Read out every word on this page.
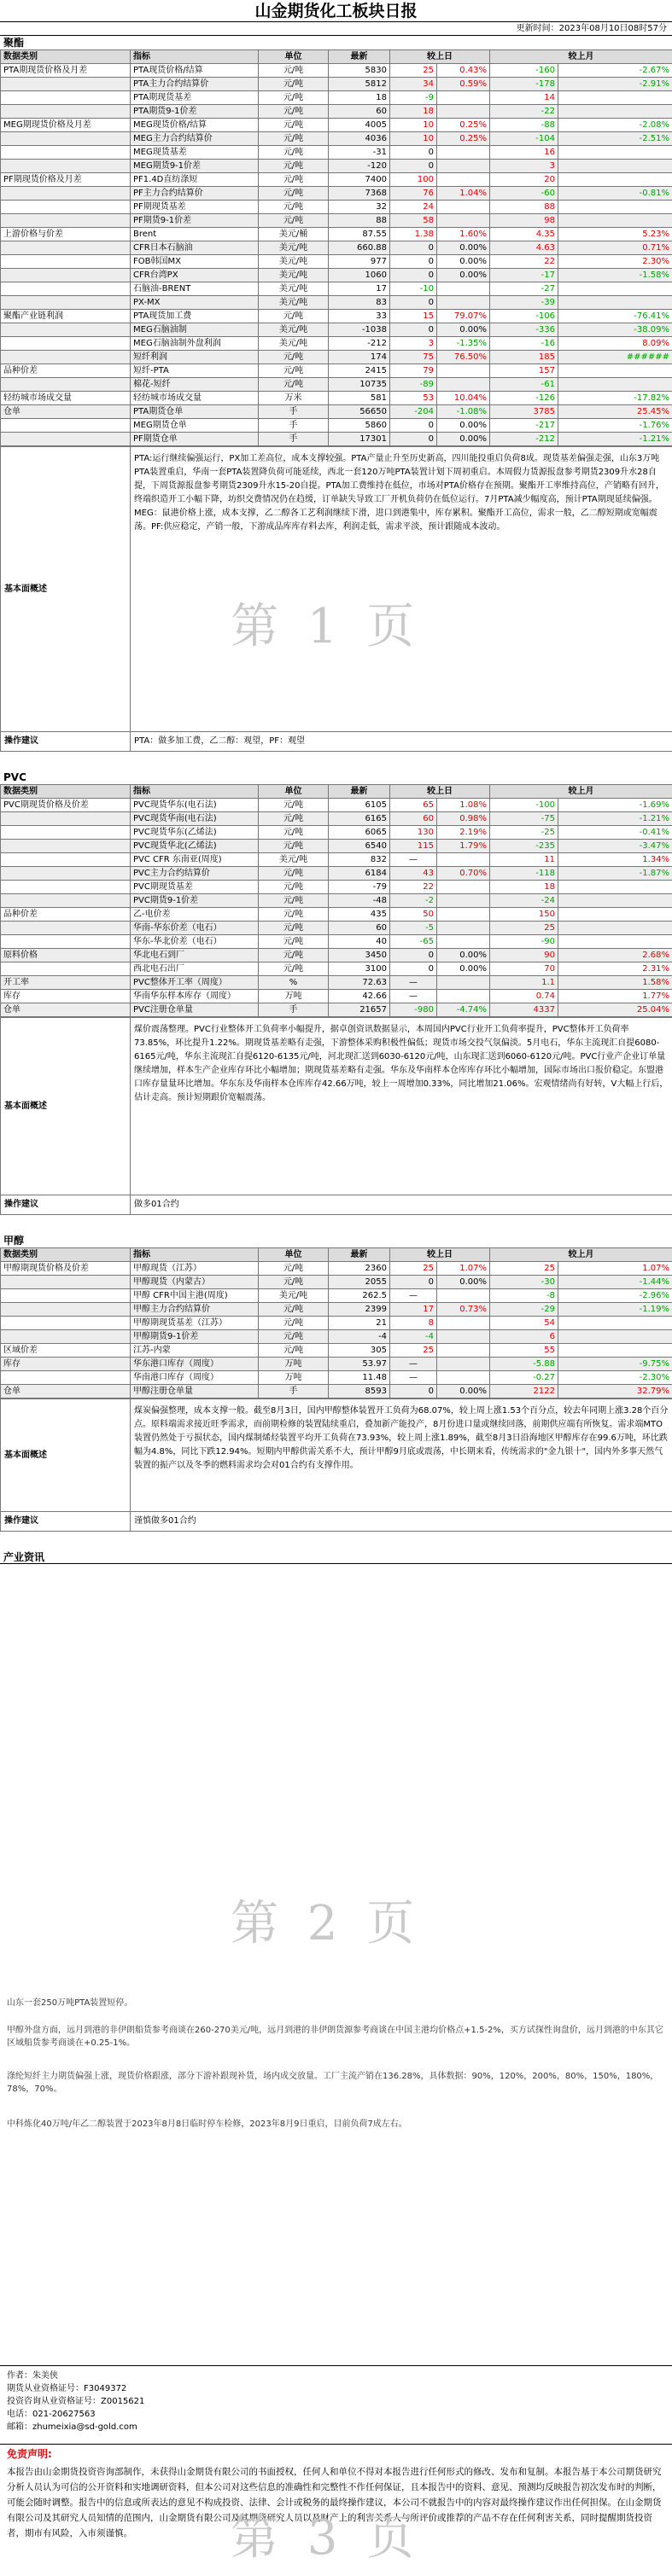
山金期货化工板块日报
更新时间：2023年08月10日08时57分
聚酯
数据类别	指标	单位	最新	较上日		较上月	
PTA期现货价格及月差	PTA现货价格/结算	元/吨	5830	25	0.43%	-160	-2.67%
	PTA主力合约结算价	元/吨	5812	34	0.59%	-178	-2.91%
	PTA期现货基差	元/吨	18	-9		14	
	PTA期货9-1价差	元/吨	60	18		-22	
MEG期现货价格及月差	MEG现货价格/结算	元/吨	4005	10	0.25%	-88	-2.08%
	MEG主力合约结算价	元/吨	4036	10	0.25%	-104	-2.51%
	MEG现货基差	元/吨	-31	0		16	
	MEG期货9-1价差	元/吨	-120	0		3	
PF期现货价格及月差	PF1.4D直纺涤短	元/吨	7400	100		20	
	PF主力合约结算价	元/吨	7368	76	1.04%	-60	-0.81%
	PF期现货基差	元/吨	32	24		88	
	PF期货9-1价差	元/吨	88	58		98	
上游价格与价差	Brent	美元/桶	87.55	1.38	1.60%	4.35	5.23%
	CFR日本石脑油	美元/吨	660.88	0	0.00%	4.63	0.71%
	FOB韩国MX	美元/吨	977	0	0.00%	22	2.30%
	CFR台湾PX	美元/吨	1060	0	0.00%	-17	-1.58%
	石脑油-BRENT	美元/吨	17	-10		-27	
	PX-MX	美元/吨	83	0		-39	
聚酯产业链利润	PTA现货加工费	元/吨	33	15	79.07%	-106	-76.41%
	MEG石脑油制	美元/吨	-1038	0	0.00%	-336	-38.09%
	MEG石脑油制外盘利润	美元/吨	-212	3	-1.35%	-16	8.09%
	短纤利润	元/吨	174	75	76.50%	185	######
品种价差	短纤-PTA	元/吨	2415	79		157	
	棉花-短纤	元/吨	10735	-89		-61	
轻纺城市场成交量	轻纺城市场成交量	万米	581	53	10.04%	-126	-17.82%
仓单	PTA期货仓单	手	56650	-204	-1.08%	3785	25.45%
	MEG期货仓单	手	5860	0	0.00%	-217	-1.76%
	PF期货仓单	手	17301	0	0.00%	-212	-1.21%
基本面概述	PTA:运行继续偏强运行，PX加工差高位，成本支撑较强。PTA产量止升至历史新高，四川能投重启负荷8成。现货基差偏强走强，山东3万吨PTA装置重启，华南一套PTA装置降负荷可能延续，西北一套120万吨PTA装置计划下周初重启。本周假力货源报盘参考期货2309升水28自提，下周货源报盘参考期货2309升水15-20自提。PTA加工费维持在低位，市场对PTA价格存在预期。聚酯开工率维持高位，产销略有回升，终端织造开工小幅下降，坊织交费情况仍在趋缓，订单缺失导致工厂开机负荷仍在低位运行。7月PTA减少幅度高，预计PTA期现延续偏强。MEG：鼠港价格上涨，成本支撑，乙二醇各工艺利润继续下滑，进口到港集中，库存累积。聚酯开工高位，需求一般，乙二醇短期或宽幅震荡。PF:供应稳定，产销一般，下游成品库库存料去库，利润走低，需求平淡，预计跟随成本波动。
操作建议	PTA：做多加工费，乙二醇：观望，PF：观望
PVC
数据类别	指标	单位	最新	较上日		较上月	
PVC期现货价格及价差	PVC现货华东(电石法)	元/吨	6105	65	1.08%	-100	-1.69%
	PVC现货华南(电石法)	元/吨	6165	60	0.98%	-75	-1.21%
	PVC现货华东(乙烯法)	元/吨	6065	130	2.19%	-25	-0.41%
	PVC现货华北(乙烯法)	元/吨	6540	115	1.79%	-235	-3.47%
	PVC CFR 东南亚(周度)	美元/吨	832	—		11	1.34%
	PVC主力合约结算价	元/吨	6184	43	0.70%	-118	-1.87%
	PVC期现货基差	元/吨	-79	22		18	
	PVC期货9-1价差	元/吨	-48	-2		-24	
品种价差	乙-电价差	元/吨	435	50		150	
	华南-华东价差（电石）	元/吨	60	-5		25	
	华东-华北价差（电石）	元/吨	40	-65		-90	
原料价格	华北电石到厂	元/吨	3450	0	0.00%	90	2.68%
	西北电石出厂	元/吨	3100	0	0.00%	70	2.31%
开工率	PVC整体开工率（周度）	%	72.63	—		1.1	1.58%
库存	华南华东样本库存（周度）	万吨	42.66	—		0.74	1.77%
仓单	PVC注册仓单量	手	21657	-980	-4.74%	4337	25.04%
基本面概述	煤价震荡整理。PVC行业整体开工负荷率小幅提升，据卓创资讯数据显示，本周国内PVC行业开工负荷率提升，PVC整体开工负荷率73.85%，环比提升1.22%。期现货基差略有走强，下游整体采购积极性偏低；现货市场交投气氛偏淡。5月电石，华东主流现汇自提6080-6165元/吨，华东主流现汇自提6120-6135元/吨，河北现汇送到6030-6120元/吨，山东现汇送到6060-6120元/吨。PVC行业产企业订单量继续增加，样本生产企业库存环比小幅增加；期现货基差略有走强。华东及华南样本仓库库存环比小幅增加，国际市场出口报价稳定。东盟港口库存量量环比增加。华东东及华南样本仓库库存42.66万吨，较上一周增加0.33%，同比增加21.06%。宏观情绪尚有好转，V大幅上行后，估计走高。预计短期跟价宽幅震荡。
操作建议	做多01合约
甲醇
数据类别	指标	单位	最新	较上日		较上月	
甲醇期现货价格及价差	甲醇现货（江苏）	元/吨	2360	25	1.07%	25	1.07%
	甲醇现货（内蒙古）	元/吨	2055	0	0.00%	-30	-1.44%
	甲醇 CFR中国主港(周度)	美元/吨	262.5	—		-8	-2.96%
	甲醇主力合约结算价	元/吨	2399	17	0.73%	-29	-1.19%
	甲醇期现货基差（江苏）	元/吨	21	8		54	
	甲醇期货9-1价差	元/吨	-4	-4		6	
区域价差	江苏-内蒙	元/吨	305	25		55	
库存	华东港口库存（周度）	万吨	53.97	—		-5.88	-9.75%
	华南港口库存（周度）	万吨	11.48	—		-0.27	-2.30%
仓单	甲醇注册仓单量	手	8593	0	0.00%	2122	32.79%
基本面概述	煤炭偏强整理，成本支撑一般。截至8月3日，国内甲醇整体装置开工负荷为68.07%，较上周上涨1.53个百分点，较去年同期上涨3.28个百分点。原料端需求接近旺季需求，而前期检修的装置陆续重启，叠加新产能投产，8月份进口量或继续回落，前期供应端有所恢复。需求端MTO装置仍然处于亏损状态，国内煤制烯烃装置平均开工负荷在73.93%，较上周上涨1.89%，截至8月3日沿海地区甲醇库存在99.6万吨，环比跌幅为4.8%，同比下跌12.94%。短期内甲醇供需关系不大，预计甲醇9月底或震荡，中长期来看，传统需求的"金九银十"，国内外多事天然气装置的振产以及冬季的燃料需求均会对01合约有支撑作用。
操作建议	谨慎做多01合约
产业资讯
山东一套250万吨PTA装置短停。
甲醇外盘方面，远月到港的非伊朗船货参考商谈在260-270美元/吨，远月到港的非伊朗货源参考商谈在中国主港均价格点+1.5-2%，买方试探性询盘价，远月到港的中东其它区域船货参考商谈在+0.25-1%。
涤纶短纤主力期货偏强上涨，现货价格跟涨，部分下游补跟现补货，场内成交放量。工厂主流产销在136.28%，具体数据：90%，120%，200%，80%，150%，180%，78%，70%。
中科炼化40万吨/年乙二醇装置于2023年8月8日临时停车检修，2023年8月9日重启，目前负荷7成左右。
作者：朱美侠
期货从业资格证号：F3049372
投资咨询从业资格证号：Z0015621
电话：021-20627563
邮箱：zhumeixia@sd-gold.com
免责声明:
本报告由山金期货投资咨询部制作，未获得山金期货有限公司的书面授权，任何人和单位不得对本报告进行任何形式的修改、发布和复制。本报告基于本公司期货研究分析人员认为可信的公开资料和实地调研资料，但本公司对这些信息的准确性和完整性不作任何保证，且本报告中的资料、意见、预测均反映报告初次发布时的判断，可能会随时调整。报告中的信息或所表达的意见不构成投资、法律、会计或税务的最终操作建议，本公司不就报告中的内容对最终操作建议作出任何担保。在山金期货有限公司及其研究人员知情的范围内，山金期货有限公司及其期货研究人员以及财产上的利害关系人与所评价或推荐的产品不存在任何利害关系，同时提醒期货投资者，期市有风险，入市须谨慎。
第 1 页
第 2 页
第 3 页
